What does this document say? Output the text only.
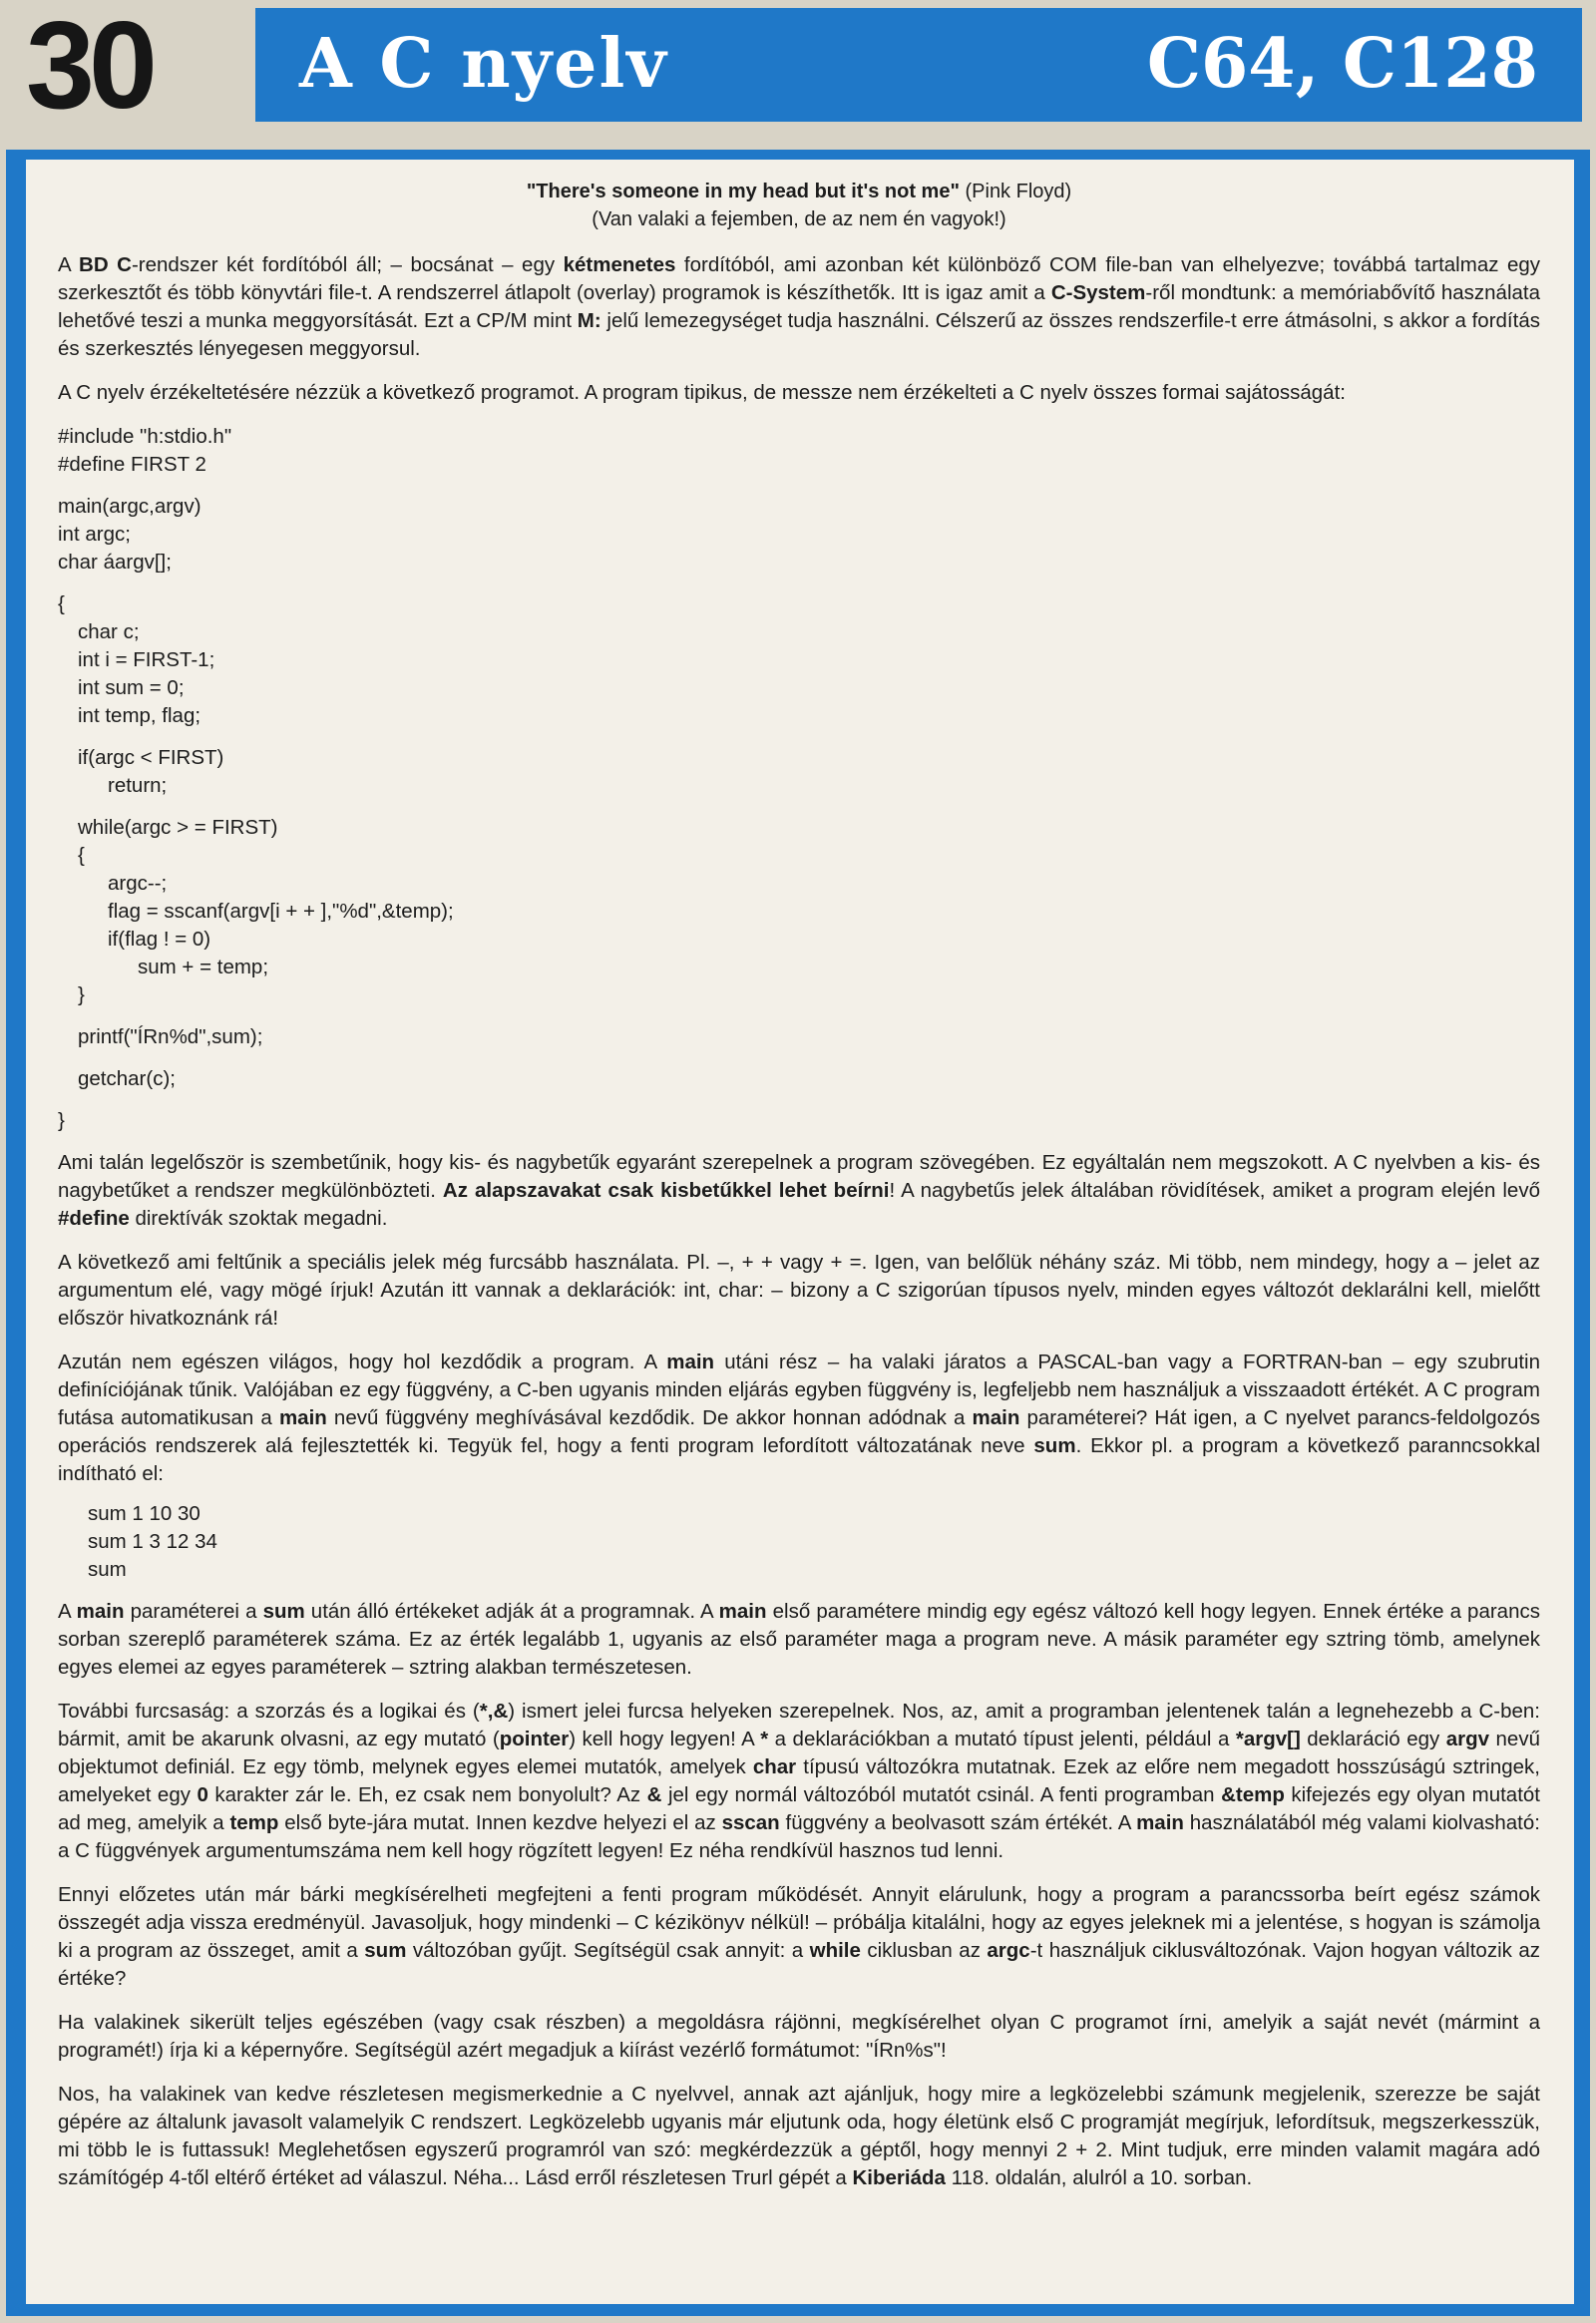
30 A C nyelv	C64, C128
"There's someone in my head but it's not me" (Pink Floyd)
(Van valaki a fejemben, de az nem én vagyok!)

A BD C-rendszer két fordítóból áll; – bocsánat – egy kétmenetes fordítóból, ami azonban két különböző COM file-ban van elhelyezve; továbbá tartalmaz egy szerkesztőt és több könyvtári file-t. A rendszerrel átlapolt (overlay) programok is készíthetők. Itt is igaz amit a C-System-ről mondtunk: a memóriabővítő használata lehetővé teszi a munka meggyorsítását. Ezt a CP/M mint M: jelű lemezegységet tudja használni. Célszerű az összes rendszerfile-t erre átmásolni, s akkor a fordítás és szerkesztés lényegesen meggyorsul.

A C nyelv érzékeltetésére nézzük a következő programot. A program tipikus, de messze nem érzékelteti a C nyelv összes formai sajátosságát:

#include "h:stdio.h"
#define FIRST 2
main(argc,argv)
int argc;
char áargv[];
{
char c;
int i = FIRST-1;
int sum = 0;
int temp, flag;
if(argc < FIRST)
return;
while(argc > = FIRST)
{
argc--;
flag = sscanf(argv[i + + ],"%d",&temp);
if(flag ! = 0)
sum + = temp;
}
printf("ÍRn%d",sum);
getchar(c);
}

Ami talán legelőször is szembetűnik, hogy kis- és nagybetűk egyaránt szerepelnek a program szövegében. Ez egyáltalán nem megszokott. A C nyelvben a kis- és nagybetűket a rendszer megkülönbözteti. Az alapszavakat csak kisbetűkkel lehet beírni! A nagybetűs jelek általában rövidítések, amiket a program elején levő #define direktívák szoktak megadni.

A következő ami feltűnik a speciális jelek még furcsább használata. Pl. –, + + vagy + =. Igen, van belőlük néhány száz. Mi több, nem mindegy, hogy a – jelet az argumentum elé, vagy mögé írjuk! Azután itt vannak a deklarációk: int, char: – bizony a C szigorúan típusos nyelv, minden egyes változót deklarálni kell, mielőtt először hivatkoznánk rá!

Azután nem egészen világos, hogy hol kezdődik a program. A main utáni rész – ha valaki járatos a PASCAL-ban vagy a FORTRAN-ban – egy szubrutin definíciójának tűnik. Valójában ez egy függvény, a C-ben ugyanis minden eljárás egyben függvény is, legfeljebb nem használjuk a visszaadott értékét. A C program futása automatikusan a main nevű függvény meghívásával kezdődik. De akkor honnan adódnak a main paraméterei? Hát igen, a C nyelvet parancs-feldolgozós operációs rendszerek alá fejlesztették ki. Tegyük fel, hogy a fenti program lefordított változatának neve sum. Ekkor pl. a program a következő paranncsokkal indítható el:

sum 1 10 30
sum 1 3 12 34
sum

A main paraméterei a sum után álló értékeket adják át a programnak. A main első paramétere mindig egy egész változó kell hogy legyen. Ennek értéke a parancs sorban szereplő paraméterek száma. Ez az érték legalább 1, ugyanis az első paraméter maga a program neve. A másik paraméter egy sztring tömb, amelynek egyes elemei az egyes paraméterek – sztring alakban természetesen.

További furcsaság: a szorzás és a logikai és (*,&) ismert jelei furcsa helyeken szerepelnek. Nos, az, amit a programban jelentenek talán a legnehezebb a C-ben: bármit, amit be akarunk olvasni, az egy mutató (pointer) kell hogy legyen! A * a deklarációkban a mutató típust jelenti, például a *argv[] deklaráció egy argv nevű objektumot definiál. Ez egy tömb, melynek egyes elemei mutatók, amelyek char típusú változókra mutatnak. Ezek az előre nem megadott hosszúságú sztringek, amelyeket egy 0 karakter zár le. Eh, ez csak nem bonyolult? Az & jel egy normál változóból mutatót csinál. A fenti programban &temp kifejezés egy olyan mutatót ad meg, amelyik a temp első byte-jára mutat. Innen kezdve helyezi el az sscan függvény a beolvasott szám értékét. A main használatából még valami kiolvasható: a C függvények argumentumszáma nem kell hogy rögzített legyen! Ez néha rendkívül hasznos tud lenni.

Ennyi előzetes után már bárki megkísérelheti megfejteni a fenti program működését. Annyit elárulunk, hogy a program a parancssorba beírt egész számok összegét adja vissza eredményül. Javasoljuk, hogy mindenki – C kézikönyv nélkül! – próbálja kitalálni, hogy az egyes jeleknek mi a jelentése, s hogyan is számolja ki a program az összeget, amit a sum változóban gyűjt. Segítségül csak annyit: a while ciklusban az argc-t használjuk ciklusváltozónak. Vajon hogyan változik az értéke?

Ha valakinek sikerült teljes egészében (vagy csak részben) a megoldásra rájönni, megkísérelhet olyan C programot írni, amelyik a saját nevét (mármint a programét!) írja ki a képernyőre. Segítségül azért megadjuk a kiírást vezérlő formátumot: "ÍRn%s"!

Nos, ha valakinek van kedve részletesen megismerkednie a C nyelvvel, annak azt ajánljuk, hogy mire a legközelebbi számunk megjelenik, szerezze be saját gépére az általunk javasolt valamelyik C rendszert. Legközelebb ugyanis már eljutunk oda, hogy életünk első C programját megírjuk, lefordítsuk, megszerkesszük, mi több le is futtassuk! Meglehetősen egyszerű programról van szó: megkérdezzük a géptől, hogy mennyi 2 + 2. Mint tudjuk, erre minden valamit magára adó számítógép 4-től eltérő értéket ad válaszul. Néha... Lásd erről részletesen Trurl gépét a Kiberiáda 118. oldalán, alulról a 10. sorban.
